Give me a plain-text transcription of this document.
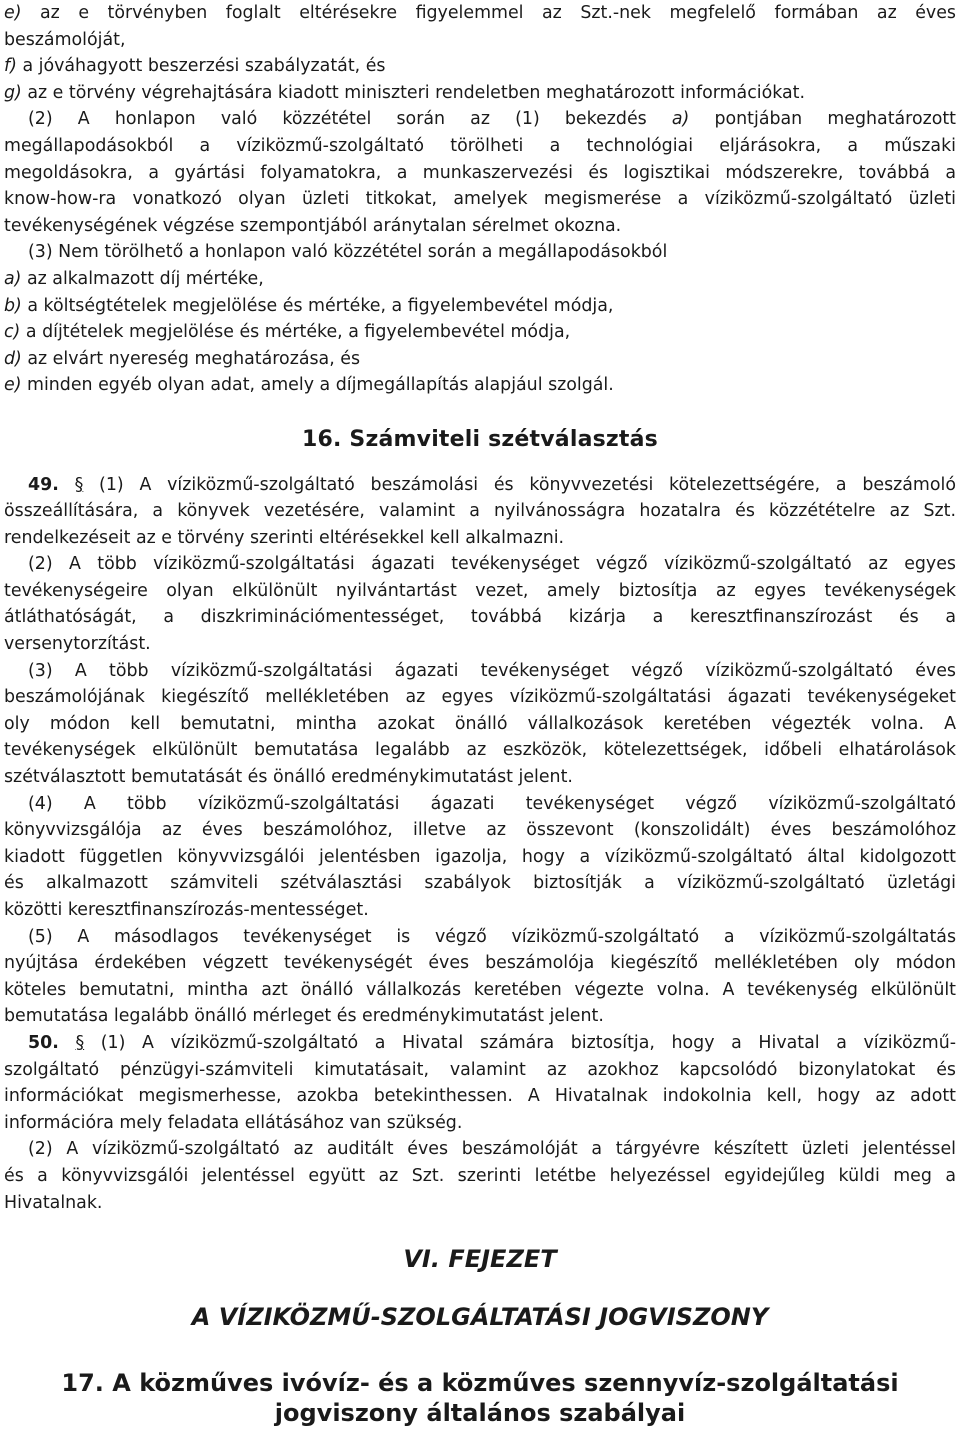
e) az e törvényben foglalt eltérésekre figyelemmel az Szt.-nek megfelelő formában az éves
beszámolóját,
f) a jóváhagyott beszerzési szabályzatát, és
g) az e törvény végrehajtására kiadott miniszteri rendeletben meghatározott információkat.
(2) A honlapon való közzététel során az (1) bekezdés a) pontjában meghatározott
megállapodásokból a víziközmű-szolgáltató törölheti a technológiai eljárásokra, a műszaki
megoldásokra, a gyártási folyamatokra, a munkaszervezési és logisztikai módszerekre, továbbá a
know-how-ra vonatkozó olyan üzleti titkokat, amelyek megismerése a víziközmű-szolgáltató üzleti
tevékenységének végzése szempontjából aránytalan sérelmet okozna.
(3) Nem törölhető a honlapon való közzététel során a megállapodásokból
a) az alkalmazott díj mértéke,
b) a költségtételek megjelölése és mértéke, a figyelembevétel módja,
c) a díjtételek megjelölése és mértéke, a figyelembevétel módja,
d) az elvárt nyereség meghatározása, és
e) minden egyéb olyan adat, amely a díjmegállapítás alapjául szolgál.
16. Számviteli szétválasztás
49. § (1) A víziközmű-szolgáltató beszámolási és könyvvezetési kötelezettségére, a beszámoló
összeállítására, a könyvek vezetésére, valamint a nyilvánosságra hozatalra és közzétételre az Szt.
rendelkezéseit az e törvény szerinti eltérésekkel kell alkalmazni.
(2) A több víziközmű-szolgáltatási ágazati tevékenységet végző víziközmű-szolgáltató az egyes
tevékenységeire olyan elkülönült nyilvántartást vezet, amely biztosítja az egyes tevékenységek
átláthatóságát, a diszkriminációmentességet, továbbá kizárja a keresztfinanszírozást és a
versenytorzítást.
(3) A több víziközmű-szolgáltatási ágazati tevékenységet végző víziközmű-szolgáltató éves
beszámolójának kiegészítő mellékletében az egyes víziközmű-szolgáltatási ágazati tevékenységeket
oly módon kell bemutatni, mintha azokat önálló vállalkozások keretében végezték volna. A
tevékenységek elkülönült bemutatása legalább az eszközök, kötelezettségek, időbeli elhatárolások
szétválasztott bemutatását és önálló eredménykimutatást jelent.
(4) A több víziközmű-szolgáltatási ágazati tevékenységet végző víziközmű-szolgáltató
könyvvizsgálója az éves beszámolóhoz, illetve az összevont (konszolidált) éves beszámolóhoz
kiadott független könyvvizsgálói jelentésben igazolja, hogy a víziközmű-szolgáltató által kidolgozott
és alkalmazott számviteli szétválasztási szabályok biztosítják a víziközmű-szolgáltató üzletági
közötti keresztfinanszírozás-mentességet.
(5) A másodlagos tevékenységet is végző víziközmű-szolgáltató a víziközmű-szolgáltatás
nyújtása érdekében végzett tevékenységét éves beszámolója kiegészítő mellékletében oly módon
köteles bemutatni, mintha azt önálló vállalkozás keretében végezte volna. A tevékenység elkülönült
bemutatása legalább önálló mérleget és eredménykimutatást jelent.
50. § (1) A víziközmű-szolgáltató a Hivatal számára biztosítja, hogy a Hivatal a víziközmű-
szolgáltató pénzügyi-számviteli kimutatásait, valamint az azokhoz kapcsolódó bizonylatokat és
információkat megismerhesse, azokba betekinthessen. A Hivatalnak indokolnia kell, hogy az adott
információra mely feladata ellátásához van szükség.
(2) A víziközmű-szolgáltató az auditált éves beszámolóját a tárgyévre készített üzleti jelentéssel
és a könyvvizsgálói jelentéssel együtt az Szt. szerinti letétbe helyezéssel egyidejűleg küldi meg a
Hivatalnak.
VI. FEJEZET
A VÍZIKÖZMŰ-SZOLGÁLTATÁSI JOGVISZONY
17. A közműves ivóvíz- és a közműves szennyvíz-szolgáltatási
jogviszony általános szabályai
